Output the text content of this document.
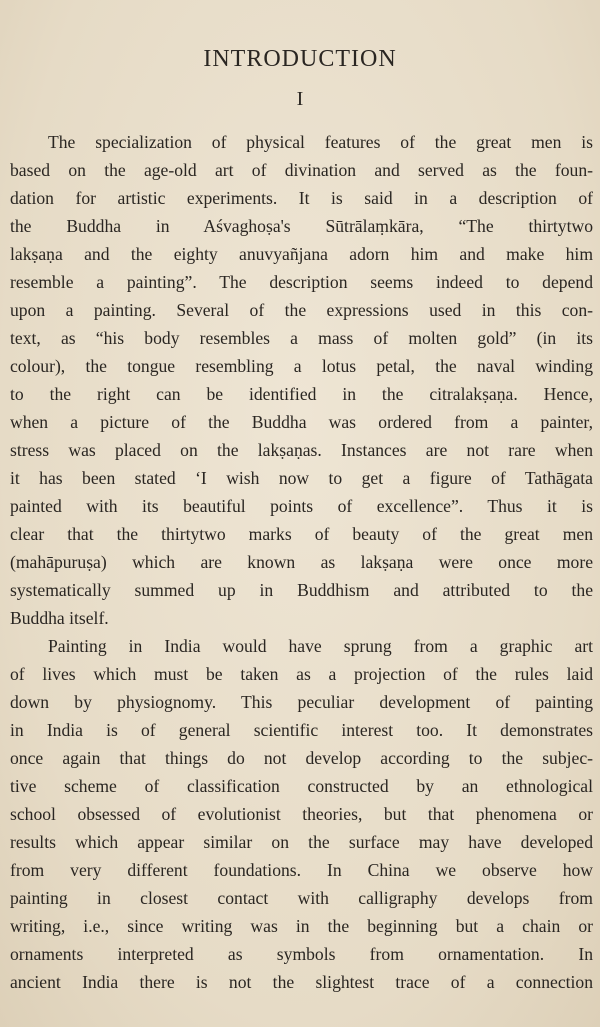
INTRODUCTION
I

The specialization of physical features of the great men is

based on the age-old art of divination and served as the foun-

dation for artistic experiments. It is said in a description of

the Buddha in Aśvaghoṣa's Sūtrālaṃkāra, “The thirtytwo

lakṣaṇa and the eighty anuvyañjana adorn him and make him

resemble a painting”. The description seems indeed to depend

upon a painting. Several of the expressions used in this con-

text, as “his body resembles a mass of molten gold” (in its

colour), the tongue resembling a lotus petal, the naval winding

to the right can be identified in the citralakṣaṇa. Hence,

when a picture of the Buddha was ordered from a painter,

stress was placed on the lakṣaṇas. Instances are not rare when

it has been stated ‘I wish now to get a figure of Tathāgata

painted with its beautiful points of excellence”. Thus it is

clear that the thirtytwo marks of beauty of the great men

(mahāpuruṣa) which are known as lakṣaṇa were once more

systematically summed up in Buddhism and attributed to the

Buddha itself.

Painting in India would have sprung from a graphic art

of lives which must be taken as a projection of the rules laid

down by physiognomy. This peculiar development of painting

in India is of general scientific interest too. It demonstrates

once again that things do not develop according to the subjec-

tive scheme of classification constructed by an ethnological

school obsessed of evolutionist theories, but that phenomena or

results which appear similar on the surface may have developed

from very different foundations. In China we observe how

painting in closest contact with calligraphy develops from

writing, i.e., since writing was in the beginning but a chain or

ornaments interpreted as symbols from ornamentation. In

ancient India there is not the slightest trace of a connection
